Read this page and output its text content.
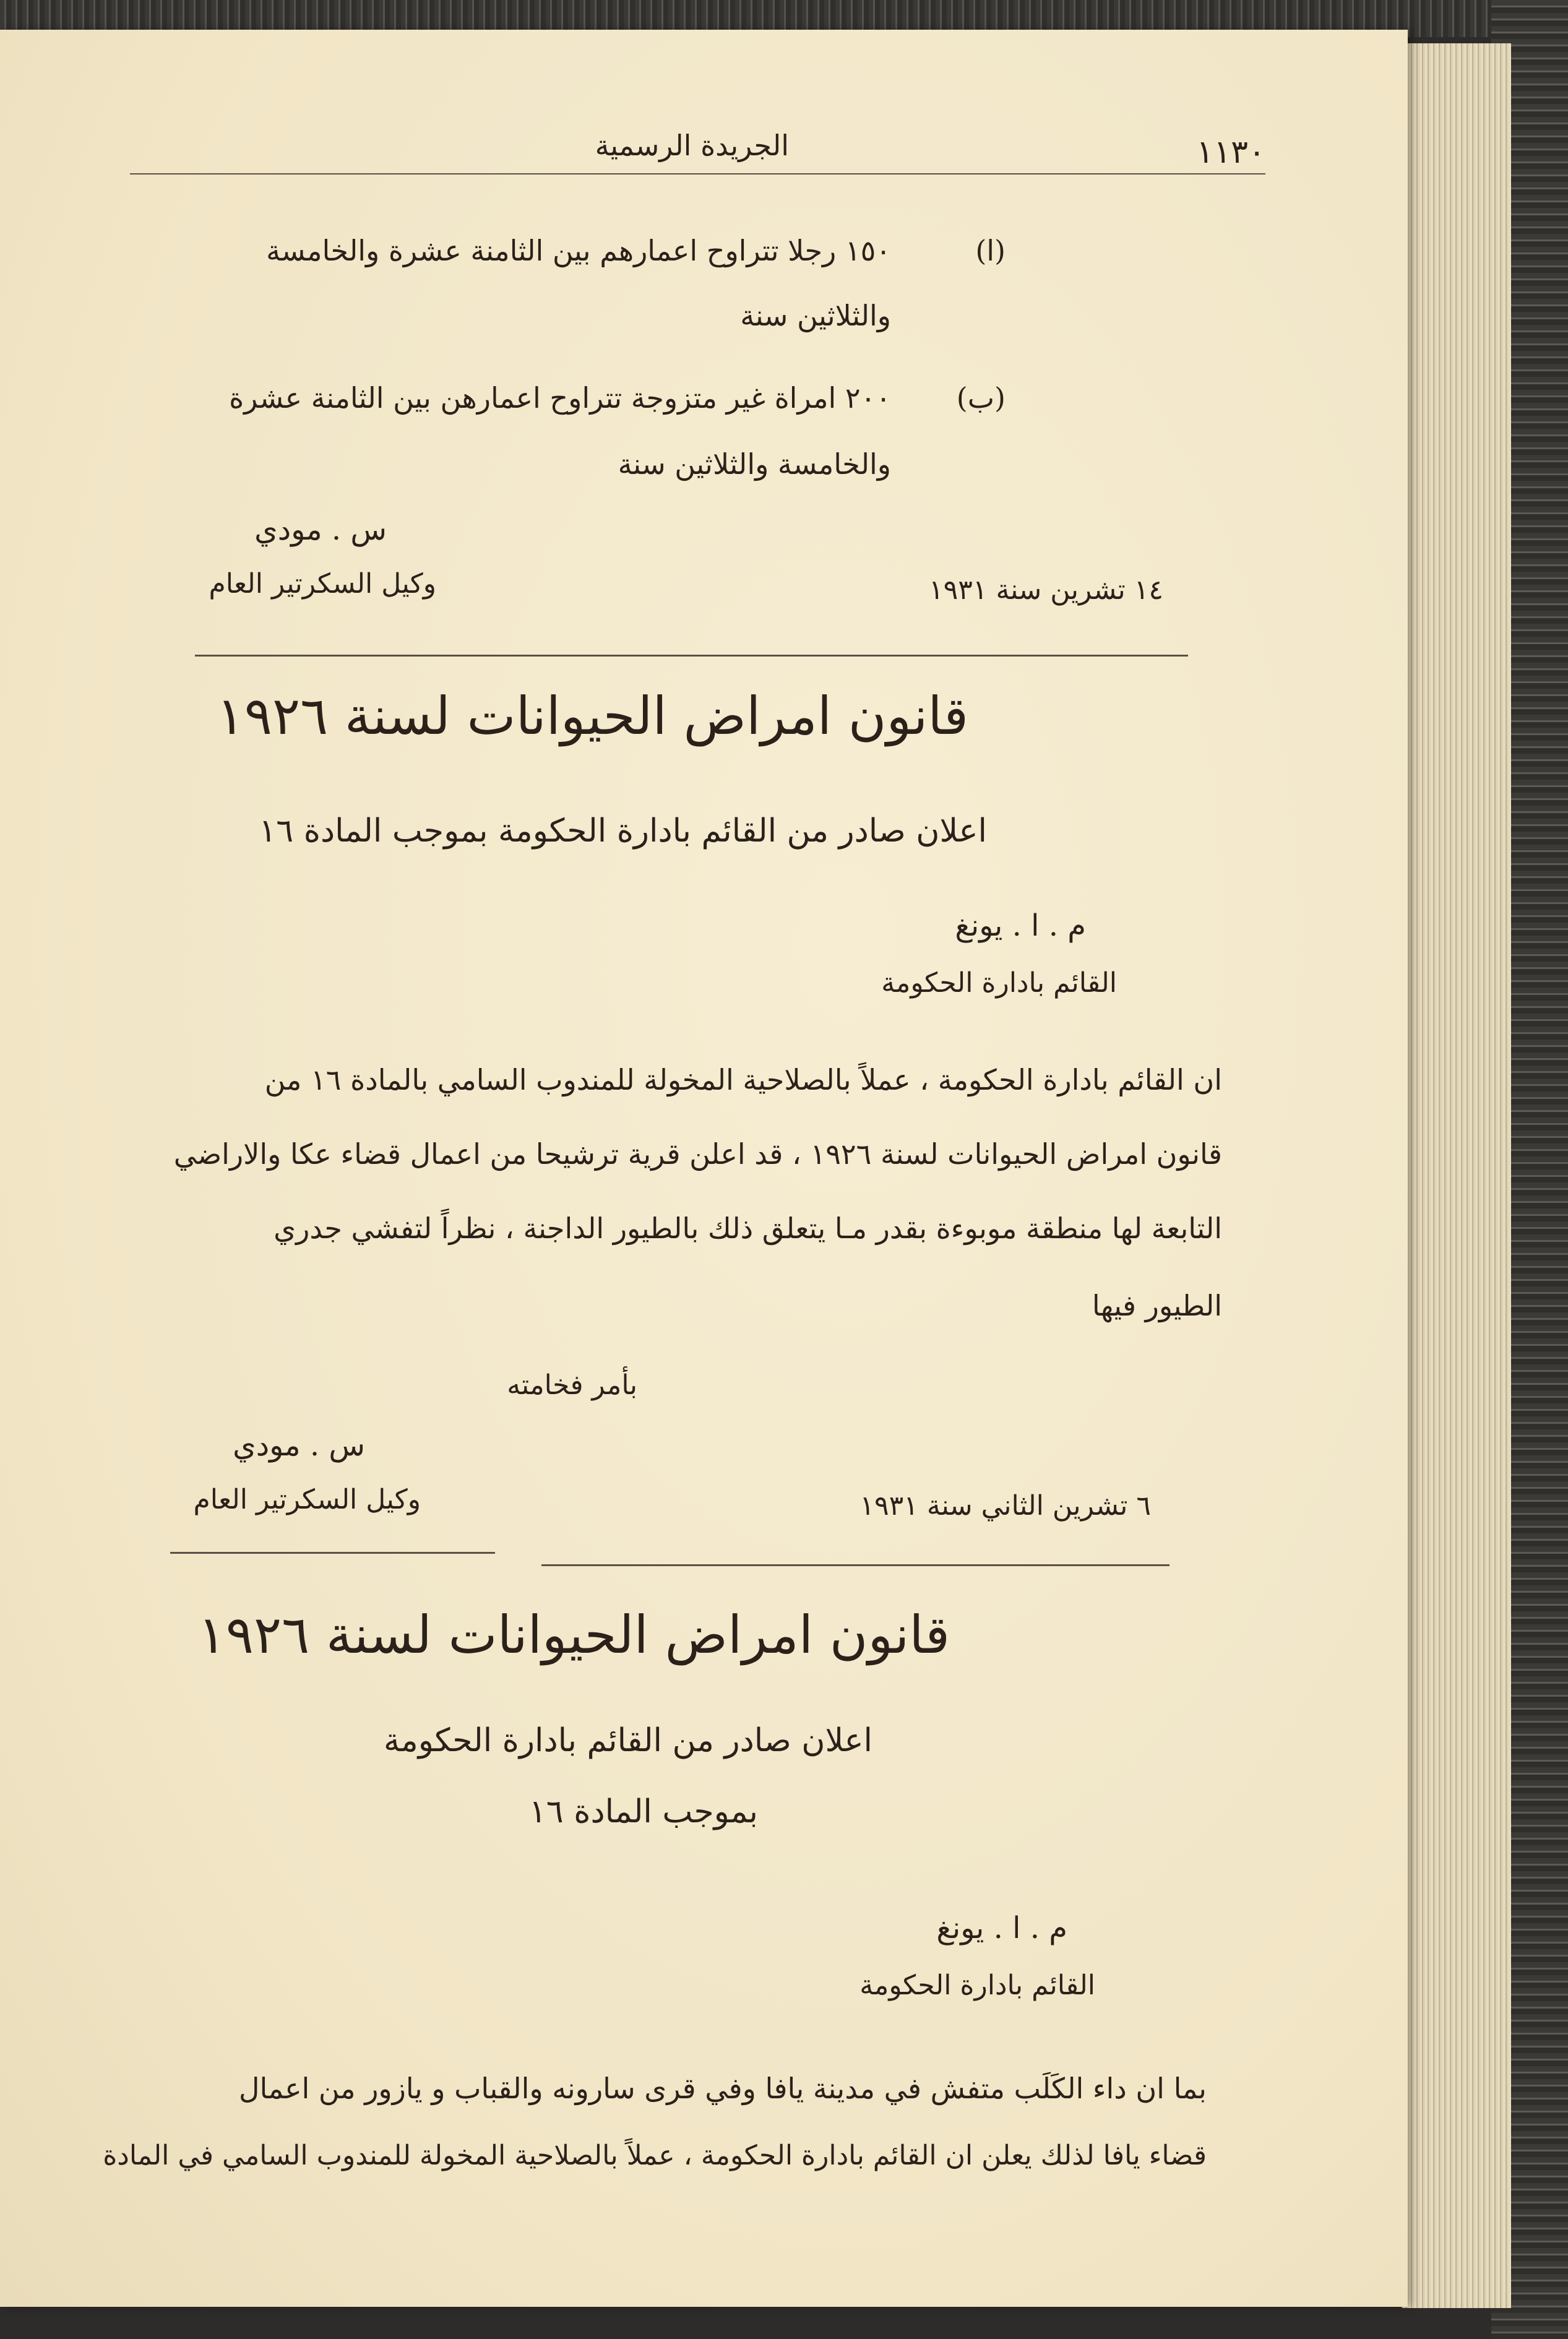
الجريدة الرسمية	١١٣٠
(ا)
١٥٠ رجلا تتراوح اعمارهم بين الثامنة عشرة والخامسة
والثلاثين سنة
(ب)
٢٠٠ امراة غير متزوجة تتراوح اعمارهن بين الثامنة عشرة
والخامسة والثلاثين سنة
س . مودي
وكيل السكرتير العام	١٤ تشرين سنة ١٩٣١
قانون امراض الحيوانات لسنة ١٩٢٦
اعلان صادر من القائم بادارة الحكومة بموجب المادة ١٦
م . ا . يونغ
القائم بادارة الحكومة
ان القائم بادارة الحكومة ، عملاً بالصلاحية المخولة للمندوب السامي بالمادة ١٦ من
قانون امراض الحيوانات لسنة ١٩٢٦ ، قد اعلن قرية ترشيحا من اعمال قضاء عكا والاراضي
التابعة لها منطقة موبوءة بقدر مـا يتعلق ذلك بالطيور الداجنة ، نظراً لتفشي جدري
الطيور فيها
بأمر فخامته
س . مودي
وكيل السكرتير العام	٦ تشرين الثاني سنة ١٩٣١
قانون امراض الحيوانات لسنة ١٩٢٦
اعلان صادر من القائم بادارة الحكومة
بموجب المادة ١٦
م . ا . يونغ
القائم بادارة الحكومة
بما ان داء الكَلَب متفش في مدينة يافا وفي قرى سارونه والقباب و يازور من اعمال
قضاء يافا لذلك يعلن ان القائم بادارة الحكومة ، عملاً بالصلاحية المخولة للمندوب السامي في المادة
